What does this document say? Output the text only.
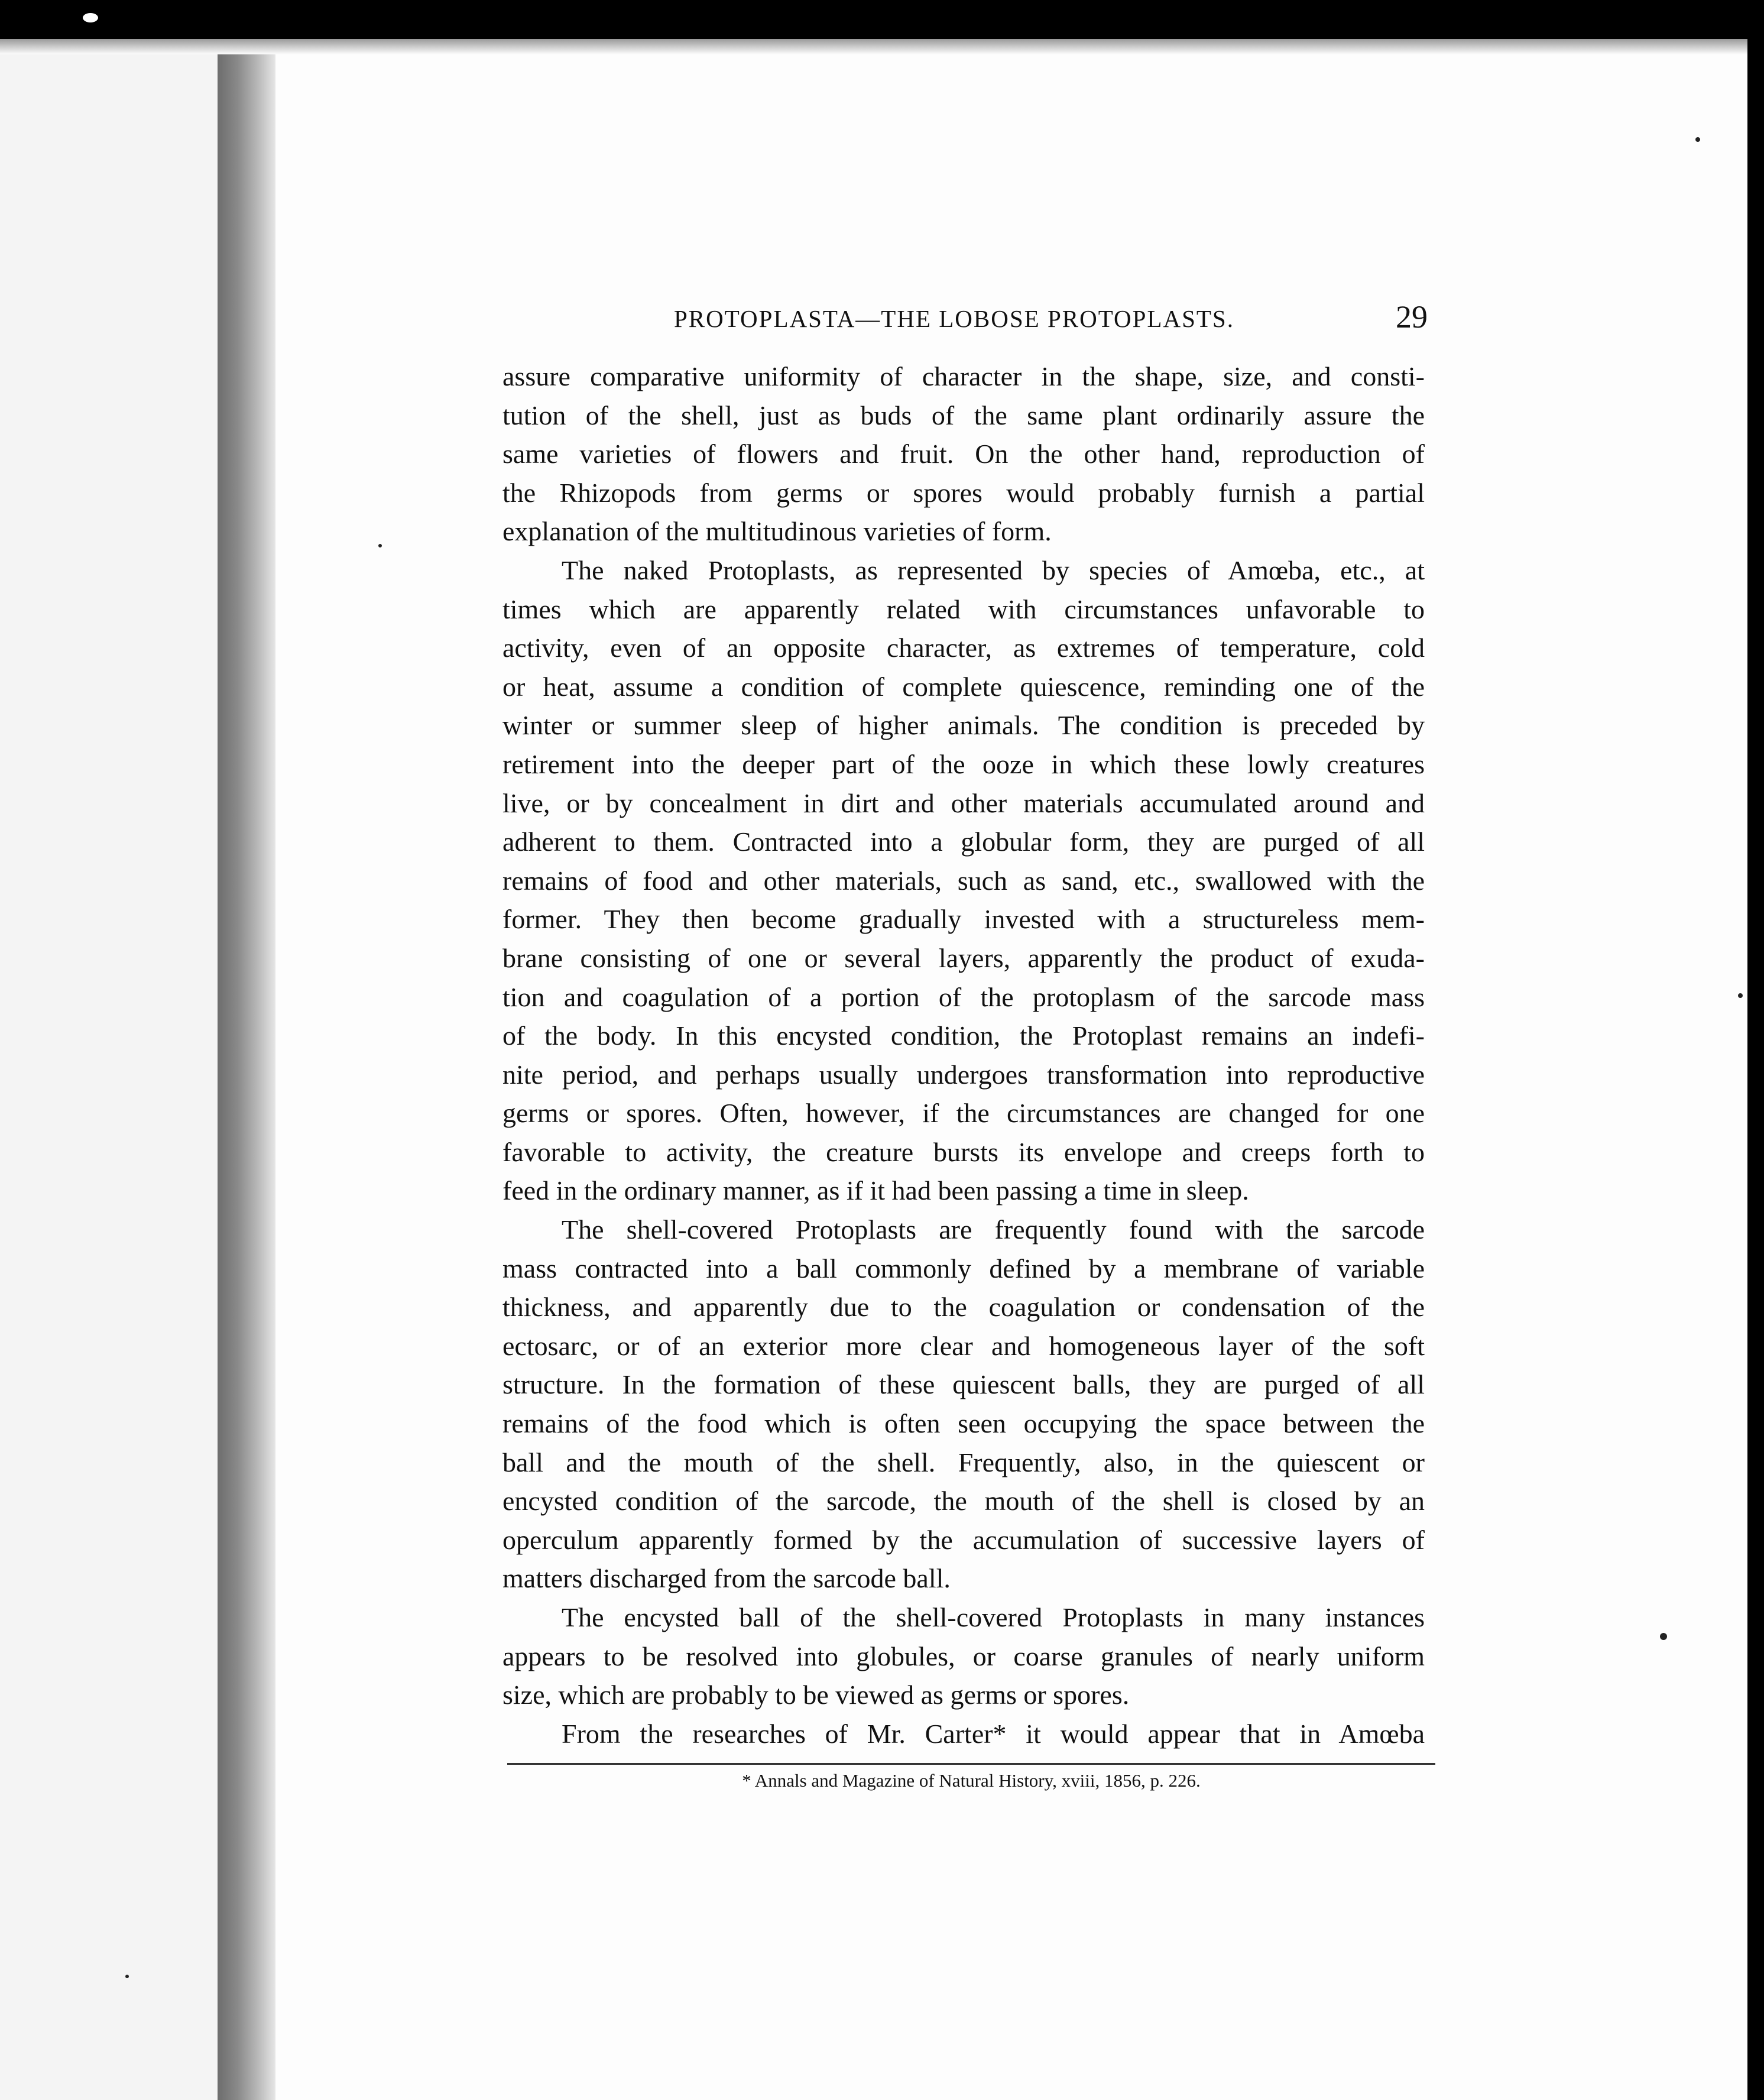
PROTOPLASTA—THE LOBOSE PROTOPLASTS.	29
assure comparative uniformity of character in the shape, size, and consti-
tution of the shell, just as buds of the same plant ordinarily assure the
same varieties of flowers and fruit. On the other hand, reproduction of
the Rhizopods from germs or spores would probably furnish a partial
explanation of the multitudinous varieties of form.
The naked Protoplasts, as represented by species of Amœba, etc., at
times which are apparently related with circumstances unfavorable to
activity, even of an opposite character, as extremes of temperature, cold
or heat, assume a condition of complete quiescence, reminding one of the
winter or summer sleep of higher animals. The condition is preceded by
retirement into the deeper part of the ooze in which these lowly creatures
live, or by concealment in dirt and other materials accumulated around and
adherent to them. Contracted into a globular form, they are purged of all
remains of food and other materials, such as sand, etc., swallowed with the
former. They then become gradually invested with a structureless mem-
brane consisting of one or several layers, apparently the product of exuda-
tion and coagulation of a portion of the protoplasm of the sarcode mass
of the body. In this encysted condition, the Protoplast remains an indefi-
nite period, and perhaps usually undergoes transformation into reproductive
germs or spores. Often, however, if the circumstances are changed for one
favorable to activity, the creature bursts its envelope and creeps forth to
feed in the ordinary manner, as if it had been passing a time in sleep.
The shell-covered Protoplasts are frequently found with the sarcode
mass contracted into a ball commonly defined by a membrane of variable
thickness, and apparently due to the coagulation or condensation of the
ectosarc, or of an exterior more clear and homogeneous layer of the soft
structure. In the formation of these quiescent balls, they are purged of all
remains of the food which is often seen occupying the space between the
ball and the mouth of the shell. Frequently, also, in the quiescent or
encysted condition of the sarcode, the mouth of the shell is closed by an
operculum apparently formed by the accumulation of successive layers of
matters discharged from the sarcode ball.
The encysted ball of the shell-covered Protoplasts in many instances
appears to be resolved into globules, or coarse granules of nearly uniform
size, which are probably to be viewed as germs or spores.
From the researches of Mr. Carter* it would appear that in Amœba
* Annals and Magazine of Natural History, xviii, 1856, p. 226.
